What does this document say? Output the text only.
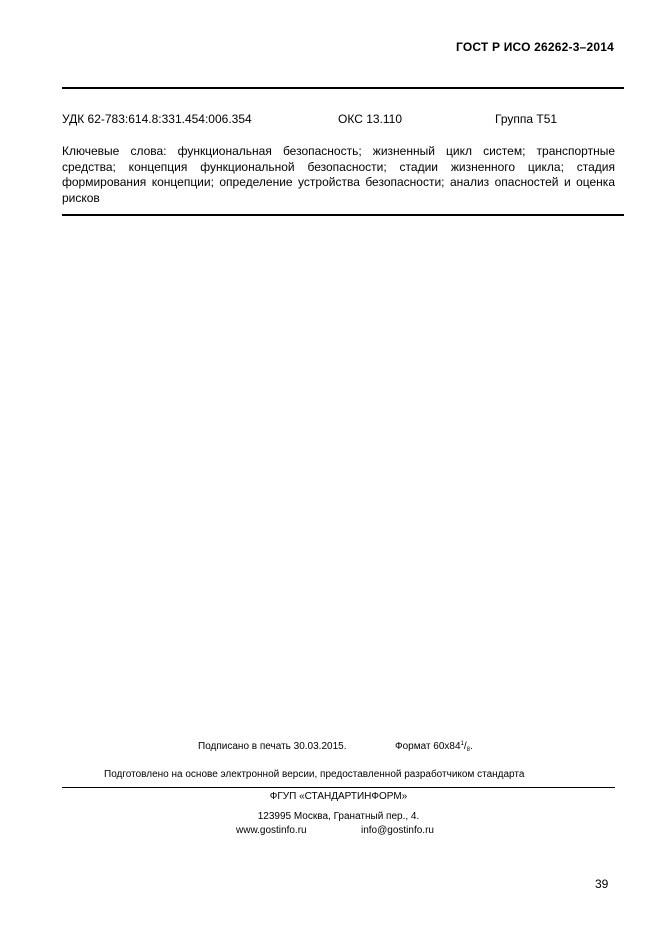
ГОСТ Р ИСО 26262-3–2014
УДК 62-783:614.8:331.454:006.354	ОКС 13.110	Группа Т51
Ключевые слова: функциональная безопасность; жизненный цикл систем; транспортные средства; концепция функциональной безопасности; стадии жизненного цикла; стадия формирования концепции; определение устройства безопасности; анализ опасностей и оценка рисков
Подписано в печать 30.03.2015.	Формат $60x84^1/_8$.
Подготовлено на основе электронной версии, предоставленной разработчиком стандарта
ФГУП «СТАНДАРТИНФОРМ»
123995 Москва, Гранатный пер., 4.
www.gostinfo.ru	info@gostinfo.ru
39
